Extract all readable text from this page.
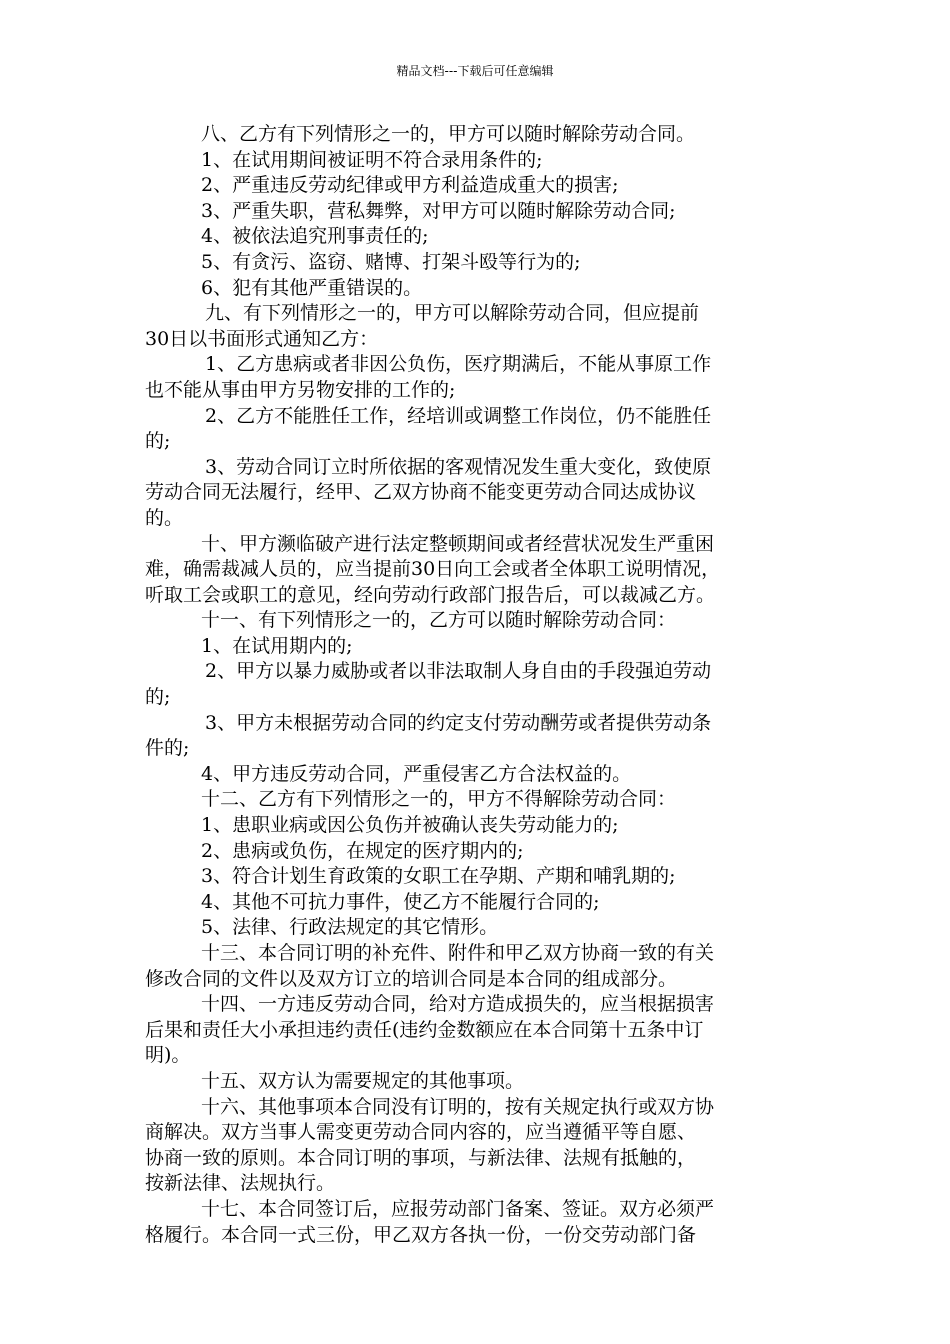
精品文档---下载后可任意编辑
八、乙方有下列情形之一的，甲方可以随时解除劳动合同。
1、在试用期间被证明不符合录用条件的;
2、严重违反劳动纪律或甲方利益造成重大的损害;
3、严重失职，营私舞弊，对甲方可以随时解除劳动合同;
4、被依法追究刑事责任的;
5、有贪污、盗窃、赌博、打架斗殴等行为的;
6、犯有其他严重错误的。
九、有下列情形之一的，甲方可以解除劳动合同，但应提前
30日以书面形式通知乙方：
1、乙方患病或者非因公负伤，医疗期满后，不能从事原工作
也不能从事由甲方另物安排的工作的;
2、乙方不能胜任工作，经培训或调整工作岗位，仍不能胜任
的;
3、劳动合同订立时所依据的客观情况发生重大变化，致使原
劳动合同无法履行，经甲、乙双方协商不能变更劳动合同达成协议
的。
十、甲方濒临破产进行法定整顿期间或者经营状况发生严重困
难，确需裁减人员的，应当提前30日向工会或者全体职工说明情况，
听取工会或职工的意见，经向劳动行政部门报告后，可以裁减乙方。
十一、有下列情形之一的，乙方可以随时解除劳动合同：
1、在试用期内的;
2、甲方以暴力威胁或者以非法取制人身自由的手段强迫劳动
的;
3、甲方未根据劳动合同的约定支付劳动酬劳或者提供劳动条
件的;
4、甲方违反劳动合同，严重侵害乙方合法权益的。
十二、乙方有下列情形之一的，甲方不得解除劳动合同：
1、患职业病或因公负伤并被确认丧失劳动能力的;
2、患病或负伤，在规定的医疗期内的;
3、符合计划生育政策的女职工在孕期、产期和哺乳期的;
4、其他不可抗力事件，使乙方不能履行合同的;
5、法律、行政法规定的其它情形。
十三、本合同订明的补充件、附件和甲乙双方协商一致的有关
修改合同的文件以及双方订立的培训合同是本合同的组成部分。
十四、一方违反劳动合同，给对方造成损失的，应当根据损害
后果和责任大小承担违约责任(违约金数额应在本合同第十五条中订
明)。
十五、双方认为需要规定的其他事项。
十六、其他事项本合同没有订明的，按有关规定执行或双方协
商解决。双方当事人需变更劳动合同内容的，应当遵循平等自愿、
协商一致的原则。本合同订明的事项，与新法律、法规有抵触的，
按新法律、法规执行。
十七、本合同签订后，应报劳动部门备案、签证。双方必须严
格履行。本合同一式三份，甲乙双方各执一份，一份交劳动部门备
